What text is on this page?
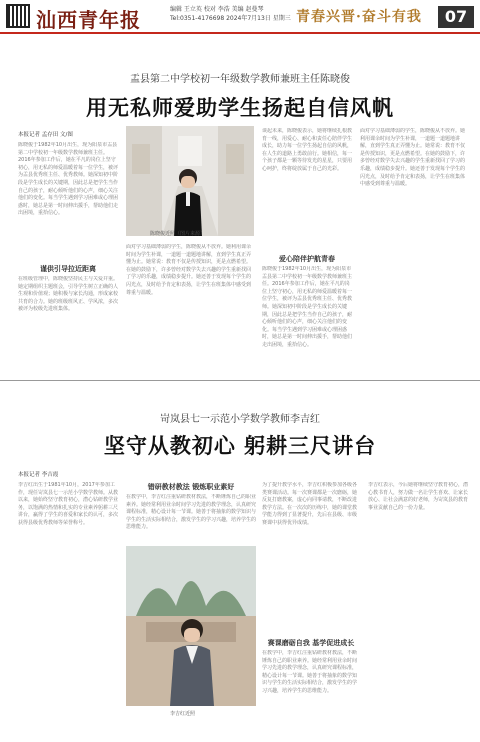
汕西青年报	编辑 王立英 校对 李浩 美编 赵曼琴
Tel:0351-4176698 2024年7月13日 星期三 青春兴晋·奋斗有我	07
盂县第二中学校初一年级数学教师兼班主任陈晓俊
用无私师爱助学生扬起自信风帆
本报记者 孟存田 文/图
陈晓俊于1982年10月出生，现为阳泉市盂县第二中学校初一年级数学教师兼班主任。2016年参加工作后，她在平凡的岗位上坚守初心，用无私的师爱温暖着每一位学生，被评为盂县优秀班主任、优秀教师。她深知初中阶段是学生成长的关键期，因此总是把学生当作自己的孩子，耐心倾听他们的心声，细心关注他们的变化。每当学生遇到学习困难或心理困惑时，她总是第一时间伸出援手，帮助他们走出困境，重拾信心。
谨供引导拉近距离
在班级管理中，陈晓俊坚持民主与关爱并重。她定期组织主题班会，引导学生树立正确的人生观和价值观；她积极与家长沟通，形成家校共育的合力。她的班级班风正、学风浓，多次被评为校级先进班集体。
陈晓俊近照（图片来源）
面对学习基础薄弱的学生，陈晓俊从不放弃。她利用课余时间为学生补课，一道题一道题地讲解，直到学生真正弄懂为止。她常说：教育不仅是传授知识，更是点燃希望。在她的鼓励下，许多曾经对数学失去兴趣的学生重新找回了学习的乐趣，成绩稳步提升。她还善于发现每个学生的闪光点，及时给予肯定和表扬，让学生在班集体中感受到尊重与温暖。
谈起未来，陈晓俊表示，她将继续扎根教育一线，用爱心、耐心和责任心陪伴学生成长，助力每一位学生扬起自信的风帆，在人生的道路上勇敢前行。她相信，每一个孩子都是一颗等待发光的星星，只要用心呵护，终将绽放属于自己的光彩。
爱心陪伴护航青春
陈晓俊于1982年10月出生，现为阳泉市盂县第二中学校初一年级数学教师兼班主任。2016年参加工作后，她在平凡的岗位上坚守初心，用无私的师爱温暖着每一位学生，被评为盂县优秀班主任、优秀教师。她深知初中阶段是学生成长的关键期，因此总是把学生当作自己的孩子，耐心倾听他们的心声，细心关注他们的变化。每当学生遇到学习困难或心理困惑时，她总是第一时间伸出援手，帮助他们走出困境，重拾信心。
面对学习基础薄弱的学生，陈晓俊从不放弃。她利用课余时间为学生补课，一道题一道题地讲解，直到学生真正弄懂为止。她常说：教育不仅是传授知识，更是点燃希望。在她的鼓励下，许多曾经对数学失去兴趣的学生重新找回了学习的乐趣，成绩稳步提升。她还善于发现每个学生的闪光点，及时给予肯定和表扬，让学生在班集体中感受到尊重与温暖。
岢岚县七一示范小学数学教师李吉红
坚守从教初心 躬耕三尺讲台
本报记者 李吉霞
李吉红出生于1981年10月，2017年参加工作，现任岢岚县七一示范小学数学教师。从教以来，她始终坚守教育初心，潜心钻研教学业务，以饱满的热情和扎实的专业素养躬耕三尺讲台，赢得了学生的喜爱和家长的认可，多次获得县级优秀教师等荣誉称号。
错研教材教法 锻炼职业素好
在教学中，李吉红注重钻研教材教法，不断锤炼自己的职业素养。她经常利用业余时间学习先进的教学理念，认真研究课程标准，精心设计每一节课。她善于将抽象的数学知识与学生的生活实际相结合，激发学生的学习兴趣，培养学生的思维能力。
李吉红近照
为了提升教学水平，李吉红积极参加各级各类赛课活动。每一次赛课都是一次磨砺，她反复打磨教案，虚心向同事请教，不断改进教学方法。在一次次的历练中，她的课堂教学能力得到了显著提升，先后在县级、市级赛课中获得优异成绩。
赛课磨砺自我 基学促进成长
在教学中，李吉红注重钻研教材教法，不断锤炼自己的职业素养。她经常利用业余时间学习先进的教学理念，认真研究课程标准，精心设计每一节课。她善于将抽象的数学知识与学生的生活实际相结合，激发学生的学习兴趣，培养学生的思维能力。
李吉红表示，今后她将继续坚守教育初心，潜心教书育人，努力做一名让学生喜欢、让家长放心、让社会满意的好老师，为岢岚县的教育事业贡献自己的一份力量。
